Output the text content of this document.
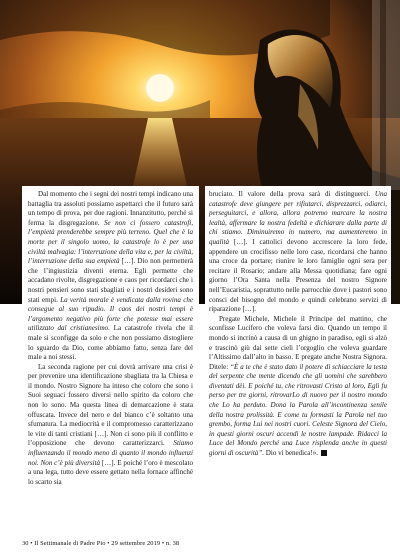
Dal momento che i segni dei nostri tempi indicano una battaglia tra assoluti possiamo aspettarci che il futuro sarà un tempo di prova, per due ragioni. Innanzitutto, perché si ferma la disgregazione. Se non ci fossero catastrofi, l’empietà prenderebbe sempre più terreno. Quel che è la morte per il singolo uomo, la catastrofe lo è per una civiltà malvagia: l’interruzione della vita e, per la civiltà, l’interruzione della sua empietà […]. Dio non permetterà che l’ingiustizia diventi eterna. Egli permette che accadano rivolte, disgregazione e caos per ricordarci che i nostri pensieri sono stati sbagliati e i nostri desideri sono stati empi. La verità morale è vendicata dalla rovina che consegue al suo ripudio. Il caos dei nostri tempi è l’argomento negativo più forte che potesse mai essere utilizzato dal cristianesimo. La catastrofe rivela che il male si sconfigge da solo e che non possiamo distogliere lo sguardo da Dio, come abbiamo fatto, senza fare del male a noi stessi.

La seconda ragione per cui dovrà arrivare una crisi è per prevenire una identificazione sbagliata tra la Chiesa e il mondo. Nostro Signore ha inteso che coloro che sono i Suoi seguaci fossero diversi nello spirito da coloro che non lo sono. Ma questa linea di demarcazione è stata offuscata. Invece del nero e del bianco c’è soltanto una sfumatura. La mediocrità e il compromesso caratterizzano le vite di tanti cristiani […]. Non ci sono più il conflitto e l’opposizione che devono caratterizzarci. Stiamo influenzando il mondo meno di quanto il mondo influenzi noi. Non c’è più diversità […]. E poiché l’oro è mescolato a una lega, tutto deve essere gettato nella fornace affinché lo scarto sia

bruciato. Il valore della prova sarà di distinguerci. Una catastrofe deve giungere per rifiutarci, disprezzarci, odiarci, perseguitarci, e allora, allora potremo marcare la nostra lealtà, affermare la nostra fedeltà e dichiarare dalla parte di chi stiamo. Diminuiremo in numero, ma aumenteremo in qualità […]. I cattolici devono accrescere la loro fede, appendere un crocifisso nelle loro case, ricordarsi che hanno una croce da portare; riunire le loro famiglie ogni sera per recitare il Rosario; andare alla Messa quotidiana; fare ogni giorno l’Ora Santa nella Presenza del nostro Signore nell’Eucaristia, soprattutto nelle parrocchie dove i pastori sono consci del bisogno del mondo e quindi celebrano servizi di riparazione […].

Pregate Michele, Michele il Principe del mattino, che sconfisse Lucifero che voleva farsi dio. Quando un tempo il mondo si incrinò a causa di un ghigno in paradiso, egli si alzò e trascinò giù dai sette cieli l’orgoglio che voleva guardare l’Altissimo dall’alto in basso. E pregate anche Nostra Signora. Ditele: “È a te che è stato dato il potere di schiacciare la testa del serpente che mente dicendo che gli uomini che sarebbero diventati dèi. E poiché tu, che ritrovasti Cristo al loro, Egli fu perso per tre giorni, ritrovarLo di nuovo per il nostro mondo che Lo ha perduto. Dona la Parola all’incontinenza senile della nostra prolissità. E come tu formasti la Parola nel tuo grembo, forma Lui nei nostri cuori. Celeste Signora del Cielo, in questi giorni oscuri accendi le nostre lampade. Ridacci la Luce del Mondo perché una Luce risplenda anche in questi giorni di oscurità”. Dio vi benedica!».

30 • Il Settimanale di Padre Pio • 29 settembre 2019 • n. 38
